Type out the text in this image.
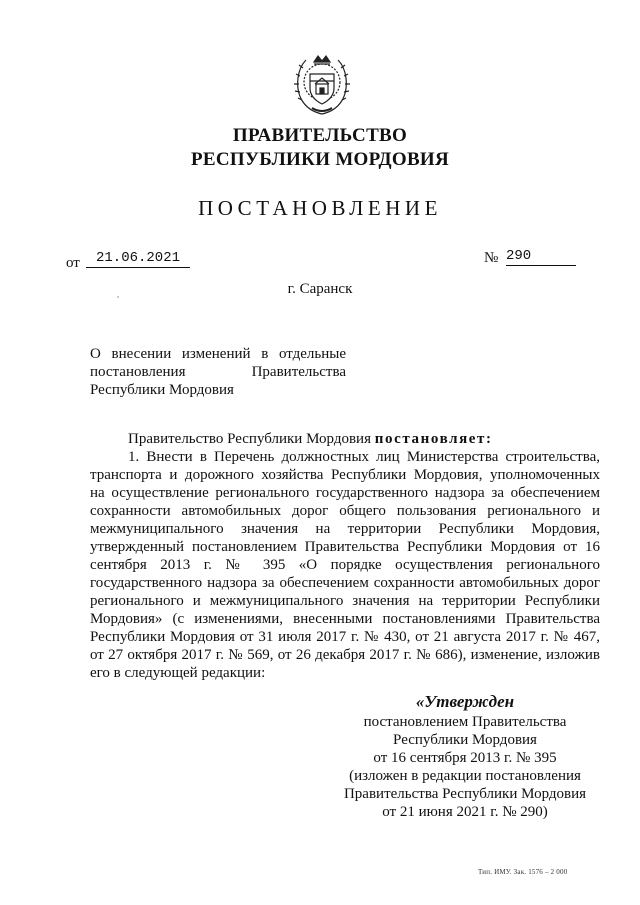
ПРАВИТЕЛЬСТВО
РЕСПУБЛИКИ МОРДОВИЯ
ПОСТАНОВЛЕНИЕ
от	21.06.2021	№ 290
г. Саранск
О внесении изменений в отдельные
постановления Правительства
Республики Мордовия
Правительство Республики Мордовия постановляет:
1. Внести в Перечень должностных лиц Министерства строительства,
транспорта и дорожного хозяйства Республики Мордовия, уполномоченных
на осуществление регионального государственного надзора за обеспечением
сохранности автомобильных дорог общего пользования регионального и
межмуниципального значения на территории Республики Мордовия,
утвержденный постановлением Правительства Республики Мордовия от 16
сентября 2013 г. № 395 «О порядке осуществления регионального
государственного надзора за обеспечением сохранности автомобильных дорог
регионального и межмуниципального значения на территории Республики
Мордовия» (с изменениями, внесенными постановлениями Правительства
Республики Мордовия от 31 июля 2017 г. № 430, от 21 августа 2017 г. № 467,
от 27 октября 2017 г. № 569, от 26 декабря 2017 г. № 686), изменение, изложив
его в следующей редакции:
«Утвержден
постановлением Правительства
Республики Мордовия
от 16 сентября 2013 г. № 395
(изложен в редакции постановления
Правительства Республики Мордовия
от 21 июня 2021 г. № 290)
Тип. ИМУ. Зак. 1576 – 2 000
